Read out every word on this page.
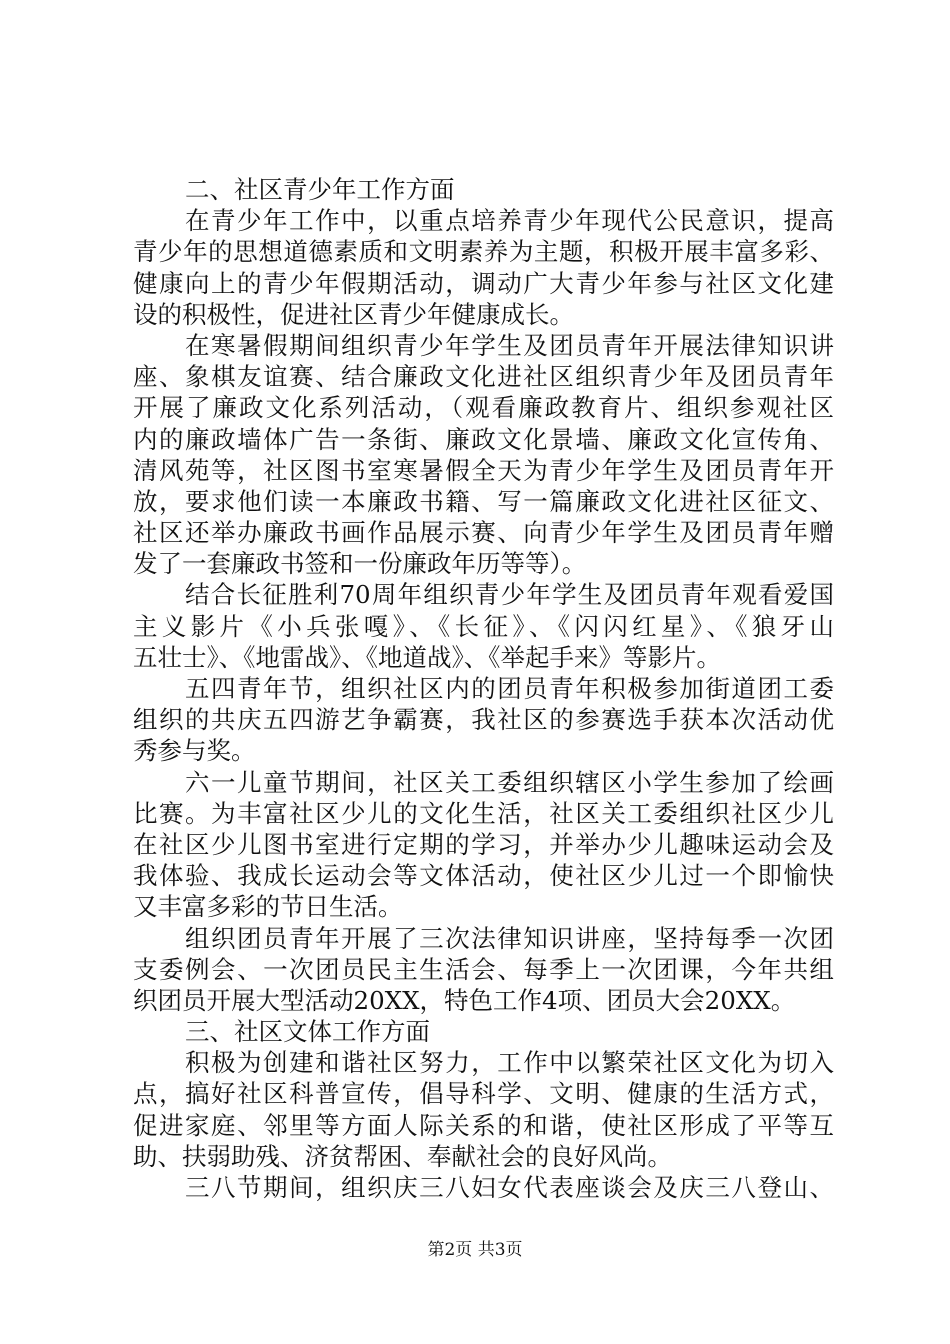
二、社区青少年工作方面
在青少年工作中，以重点培养青少年现代公民意识，提高
青少年的思想道德素质和文明素养为主题，积极开展丰富多彩、
健康向上的青少年假期活动，调动广大青少年参与社区文化建
设的积极性，促进社区青少年健康成长。
在寒暑假期间组织青少年学生及团员青年开展法律知识讲
座、象棋友谊赛、结合廉政文化进社区组织青少年及团员青年
开展了廉政文化系列活动，（观看廉政教育片、组织参观社区
内的廉政墙体广告一条街、廉政文化景墙、廉政文化宣传角、
清风苑等，社区图书室寒暑假全天为青少年学生及团员青年开
放，要求他们读一本廉政书籍、写一篇廉政文化进社区征文、
社区还举办廉政书画作品展示赛、向青少年学生及团员青年赠
发了一套廉政书签和一份廉政年历等等）。
结合长征胜利70周年组织青少年学生及团员青年观看爱国
主义影片《小兵张嘎》、《长征》、《闪闪红星》、《狼牙山
五壮士》、《地雷战》、《地道战》、《举起手来》等影片。
五四青年节，组织社区内的团员青年积极参加街道团工委
组织的共庆五四游艺争霸赛，我社区的参赛选手获本次活动优
秀参与奖。
六一儿童节期间，社区关工委组织辖区小学生参加了绘画
比赛。为丰富社区少儿的文化生活，社区关工委组织社区少儿
在社区少儿图书室进行定期的学习，并举办少儿趣味运动会及
我体验、我成长运动会等文体活动，使社区少儿过一个即愉快
又丰富多彩的节日生活。
组织团员青年开展了三次法律知识讲座，坚持每季一次团
支委例会、一次团员民主生活会、每季上一次团课，今年共组
织团员开展大型活动20XX，特色工作4项、团员大会20XX。
三、社区文体工作方面
积极为创建和谐社区努力，工作中以繁荣社区文化为切入
点，搞好社区科普宣传，倡导科学、文明、健康的生活方式，
促进家庭、邻里等方面人际关系的和谐，使社区形成了平等互
助、扶弱助残、济贫帮困、奉献社会的良好风尚。
三八节期间，组织庆三八妇女代表座谈会及庆三八登山、
第2页 共3页
